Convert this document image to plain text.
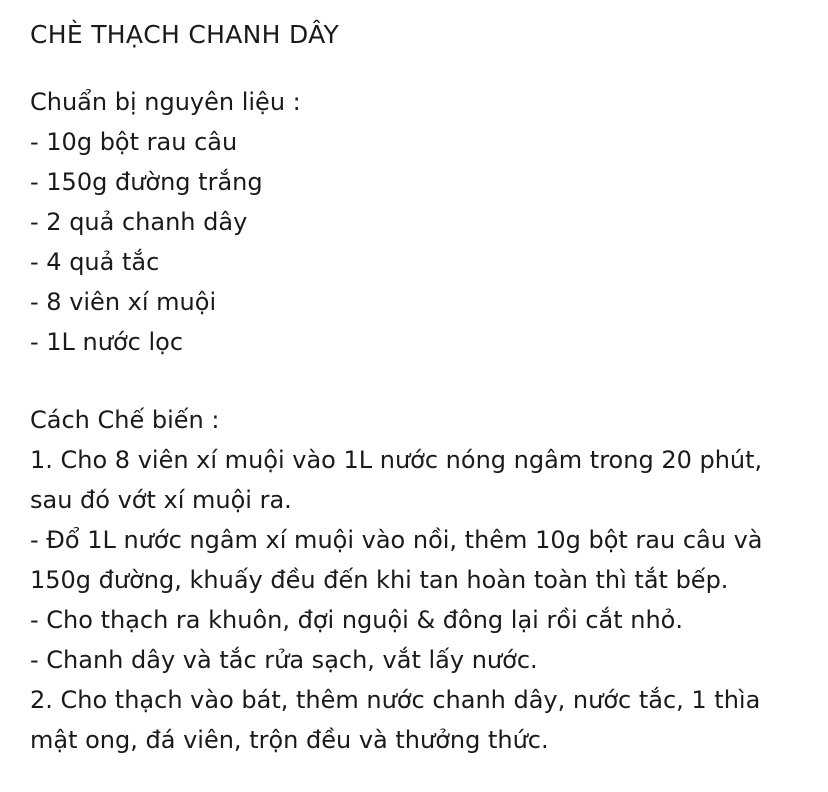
CHÈ THẠCH CHANH DÂY

Chuẩn bị nguyên liệu :

- 10g bột rau câu

- 150g đường trắng

- 2 quả chanh dây

- 4 quả tắc

- 8 viên xí muội

- 1L nước lọc

Cách Chế biến :

1. Cho 8 viên xí muội vào 1L nước nóng ngâm trong 20 phút,

sau đó vớt xí muội ra.

- Đổ 1L nước ngâm xí muội vào nồi, thêm 10g bột rau câu và

150g đường, khuấy đều đến khi tan hoàn toàn thì tắt bếp.

- Cho thạch ra khuôn, đợi nguội & đông lại rồi cắt nhỏ.

- Chanh dây và tắc rửa sạch, vắt lấy nước.

2. Cho thạch vào bát, thêm nước chanh dây, nước tắc, 1 thìa

mật ong, đá viên, trộn đều và thưởng thức.
